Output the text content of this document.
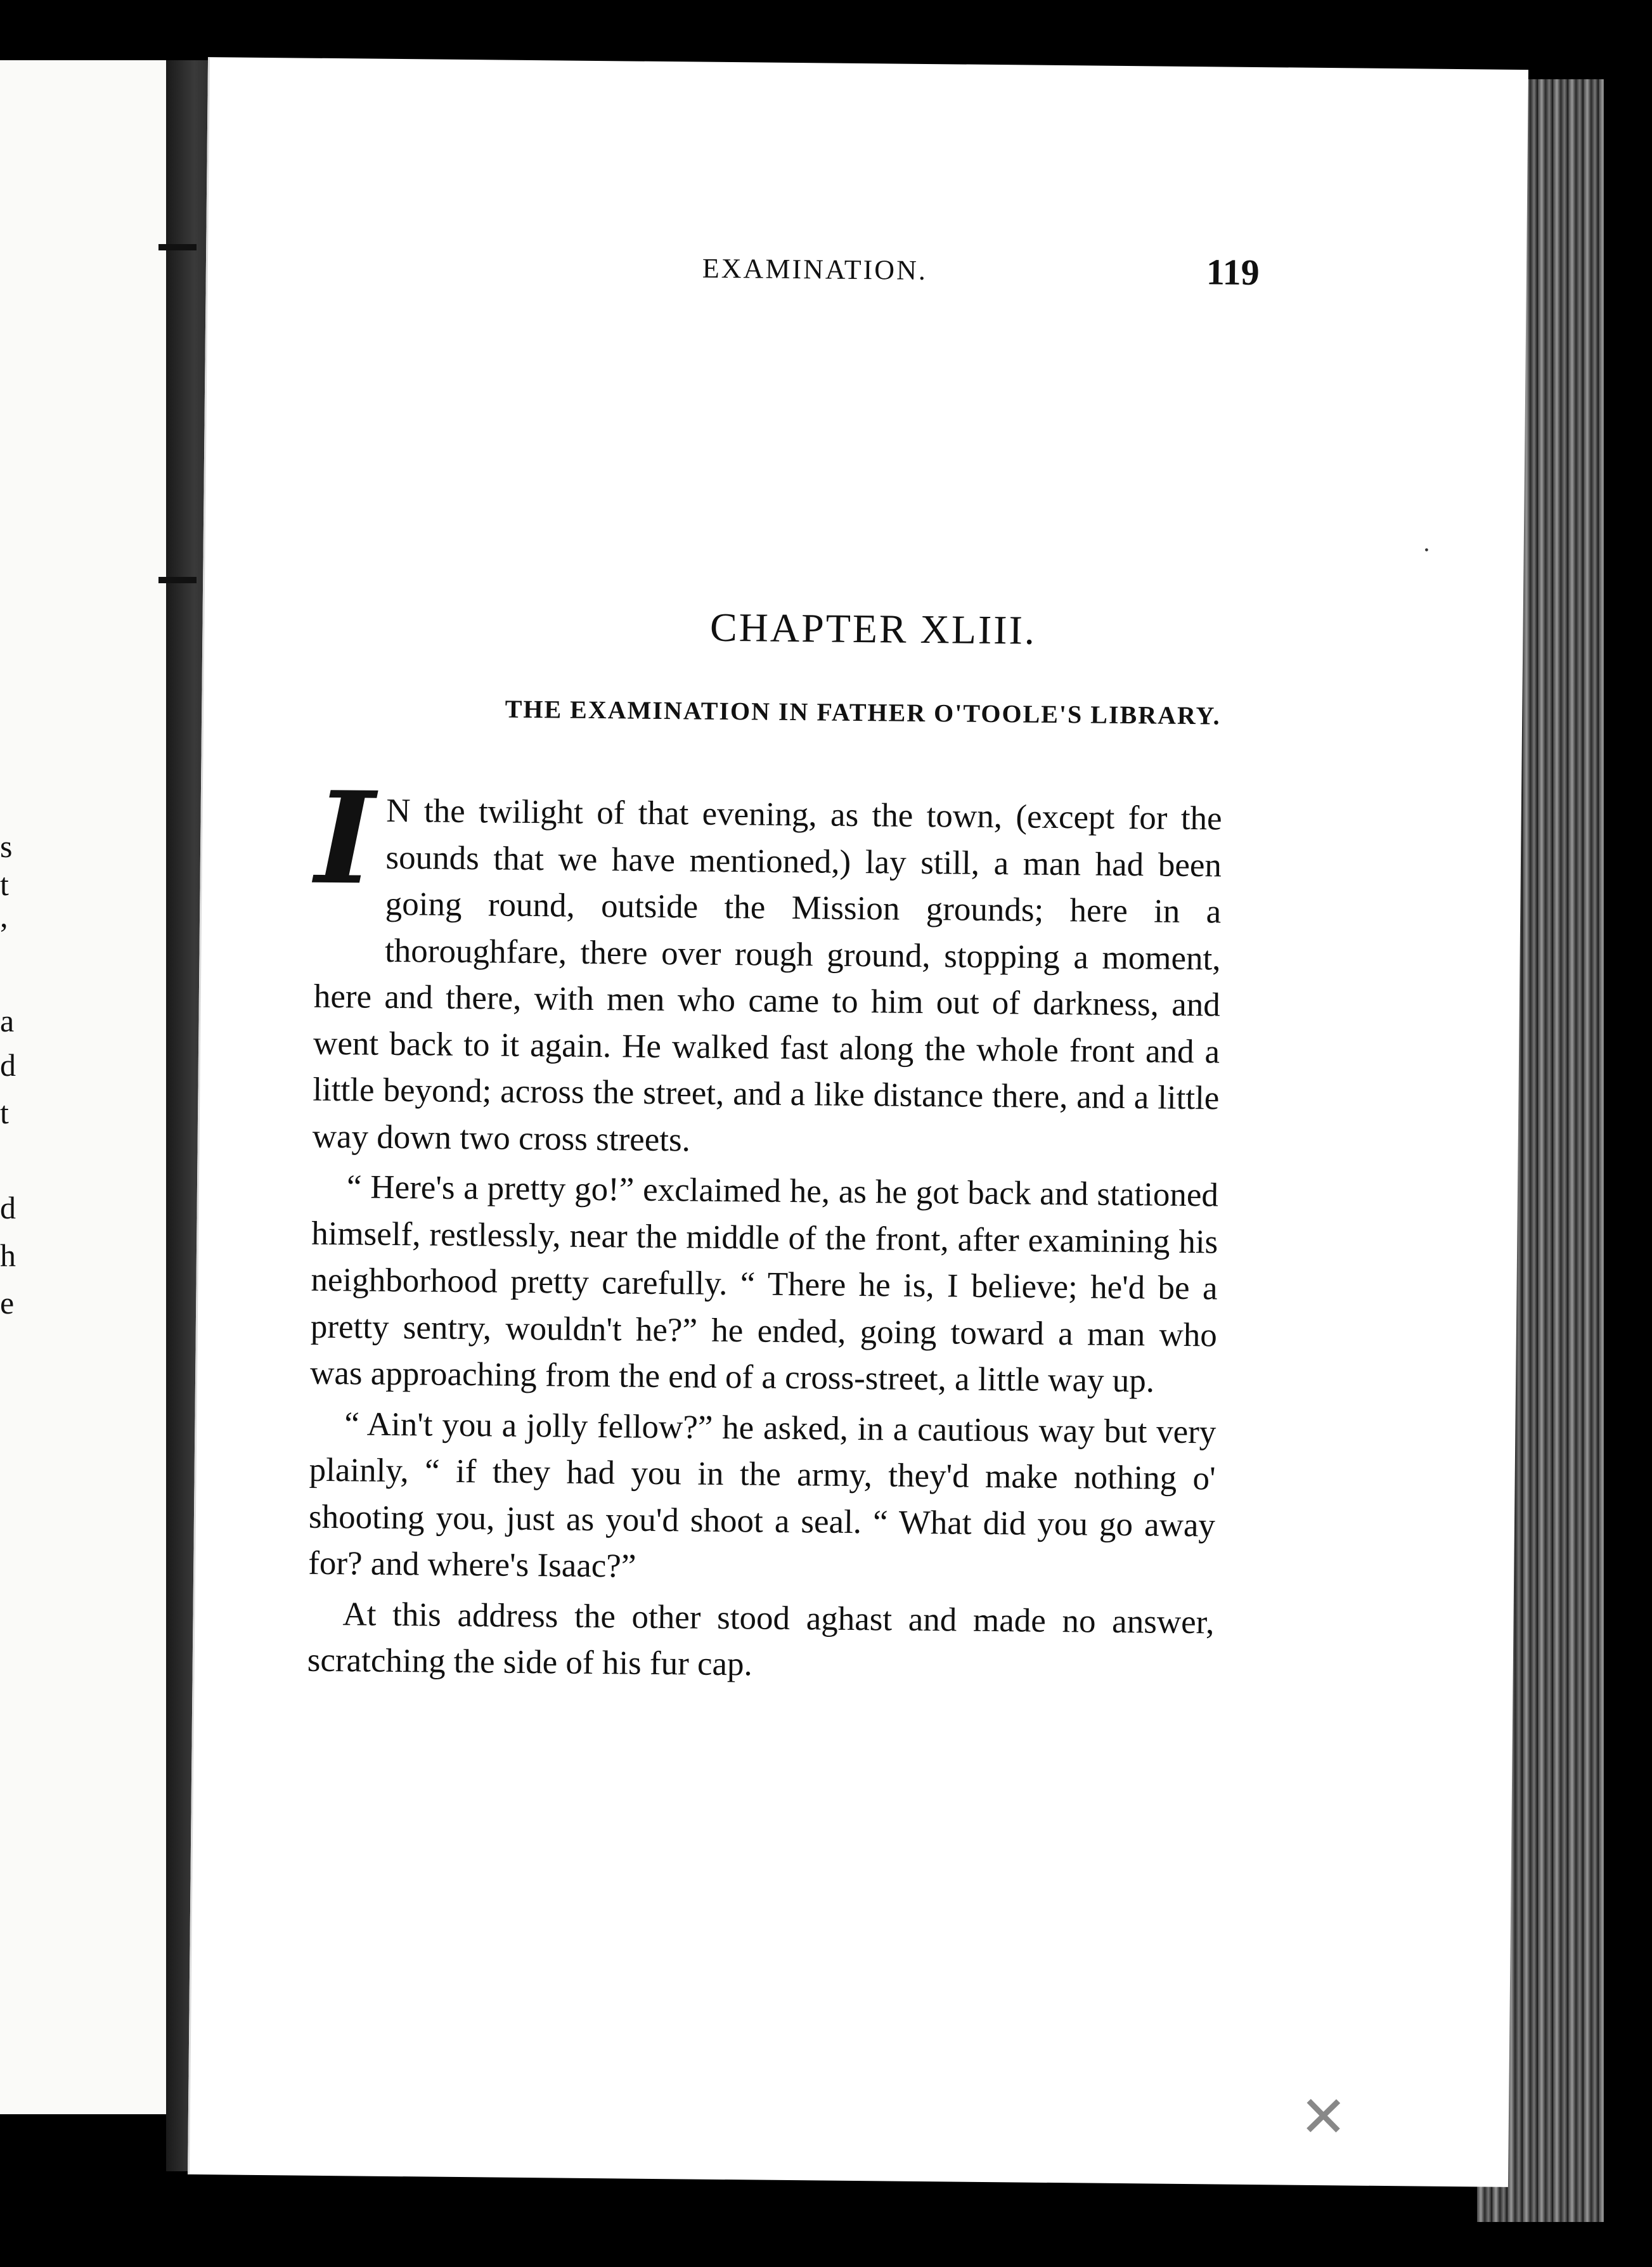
s
t
,
a
d
t
d
h
e
EXAMINATION.	119
CHAPTER XLIII.
THE EXAMINATION IN FATHER O'TOOLE'S LIBRARY.

I N the twilight of that evening, as the town, (except for the sounds that we have mentioned,) lay still, a man had been going round, outside the Mission grounds; here in a thoroughfare, there over rough ground, stopping a moment, here and there, with men who came to him out of darkness, and went back to it again. He walked fast along the whole front and a little beyond; across the street, and a like distance there, and a little way down two cross streets.

“ Here's a pretty go!” exclaimed he, as he got back and stationed himself, restlessly, near the middle of the front, after examining his neighborhood pretty carefully. “ There he is, I believe; he'd be a pretty sentry, wouldn't he?” he ended, going toward a man who was approaching from the end of a cross-street, a little way up.

“ Ain't you a jolly fellow?” he asked, in a cautious way but very plainly, “ if they had you in the army, they'd make nothing o' shooting you, just as you'd shoot a seal. “ What did you go away for? and where's Isaac?”

At this address the other stood aghast and made no answer, scratching the side of his fur cap.

·
✕
